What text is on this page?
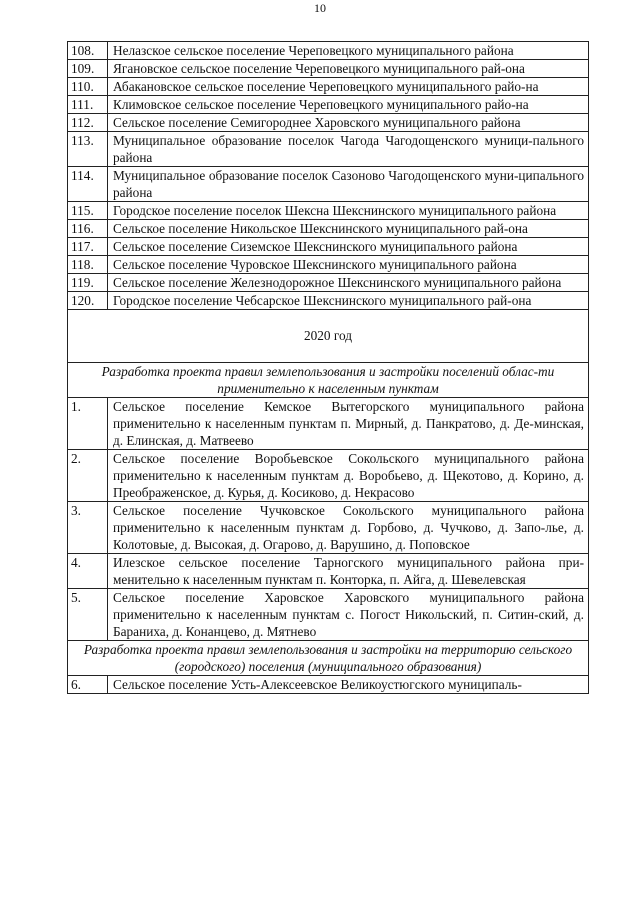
10
108.	Нелазское сельское поселение Череповецкого муниципального района
109.	Ягановское сельское поселение Череповецкого муниципального рай-она
110.	Абакановское сельское поселение Череповецкого муниципального райо-на
111.	Климовское сельское поселение Череповецкого муниципального райо-на
112.	Сельское поселение Семигороднее Харовского муниципального района
113.	Муниципальное образование поселок Чагода Чагодощенского муници-пального района
114.	Муниципальное образование поселок Сазоново Чагодощенского муни-ципального района
115.	Городское поселение поселок Шексна Шекснинского муниципального района
116.	Сельское поселение Никольское Шекснинского муниципального рай-она
117.	Сельское поселение Сиземское Шекснинского муниципального района
118.	Сельское поселение Чуровское Шекснинского муниципального района
119.	Сельское поселение Железнодорожное Шекснинского муниципального района
120.	Городское поселение Чебсарское Шекснинского муниципального рай-она
2020 год	
Разработка проекта правил землепользования и застройки поселений облас-ти применительно к населенным пунктам	
1.	Сельское поселение Кемское Вытегорского муниципального района применительно к населенным пунктам п. Мирный, д. Панкратово, д. Де-минская, д. Елинская, д. Матвеево
2.	Сельское поселение Воробьевское Сокольского муниципального района применительно к населенным пунктам д. Воробьево, д. Щекотово, д. Корино, д. Преображенское, д. Курья, д. Косиково, д. Некрасово
3.	Сельское поселение Чучковское Сокольского муниципального района применительно к населенным пунктам д. Горбово, д. Чучково, д. Запо-лье, д. Колотовые, д. Высокая, д. Огарово, д. Варушино, д. Поповское
4.	Илезское сельское поселение Тарногского муниципального района при-менительно к населенным пунктам п. Конторка, п. Айга, д. Шевелевская
5.	Сельское поселение Харовское Харовского муниципального района применительно к населенным пунктам с. Погост Никольский, п. Ситин-ский, д. Бараниха, д. Конанцево, д. Мятнево
Разработка проекта правил землепользования и застройки на территорию сельского (городского) поселения (муниципального образования)	
6.	Сельское поселение Усть-Алексеевское Великоустюгского муниципаль-
